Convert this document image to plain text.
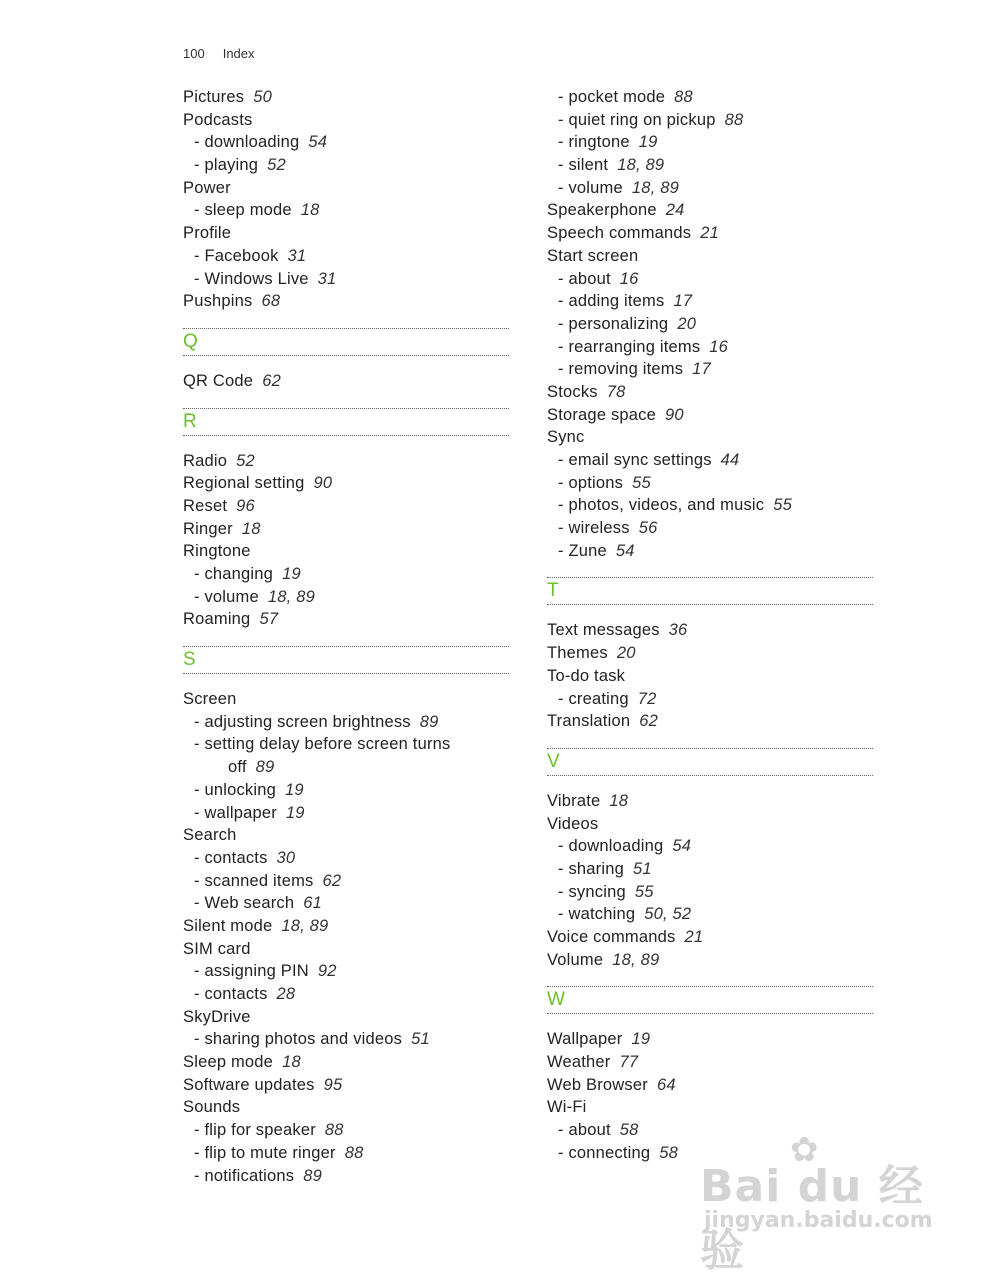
100 Index
Pictures 50
Podcasts
- downloading 54
- playing 52
Power
- sleep mode 18
Profile
- Facebook 31
- Windows Live 31
Pushpins 68
Q
QR Code 62
R
Radio 52
Regional setting 90
Reset 96
Ringer 18
Ringtone
- changing 19
- volume 18, 89
Roaming 57
S
Screen
- adjusting screen brightness 89
- setting delay before screen turns
off 89
- unlocking 19
- wallpaper 19
Search
- contacts 30
- scanned items 62
- Web search 61
Silent mode 18, 89
SIM card
- assigning PIN 92
- contacts 28
SkyDrive
- sharing photos and videos 51
Sleep mode 18
Software updates 95
Sounds
- flip for speaker 88
- flip to mute ringer 88
- notifications 89
- pocket mode 88
- quiet ring on pickup 88
- ringtone 19
- silent 18, 89
- volume 18, 89
Speakerphone 24
Speech commands 21
Start screen
- about 16
- adding items 17
- personalizing 20
- rearranging items 16
- removing items 17
Stocks 78
Storage space 90
Sync
- email sync settings 44
- options 55
- photos, videos, and music 55
- wireless 56
- Zune 54
T
Text messages 36
Themes 20
To-do task
- creating 72
Translation 62
V
Vibrate 18
Videos
- downloading 54
- sharing 51
- syncing 55
- watching 50, 52
Voice commands 21
Volume 18, 89
W
Wallpaper 19
Weather 77
Web Browser 64
Wi-Fi
- about 58
- connecting 58	✿
Bai du 经验
jingyan.baidu.com
